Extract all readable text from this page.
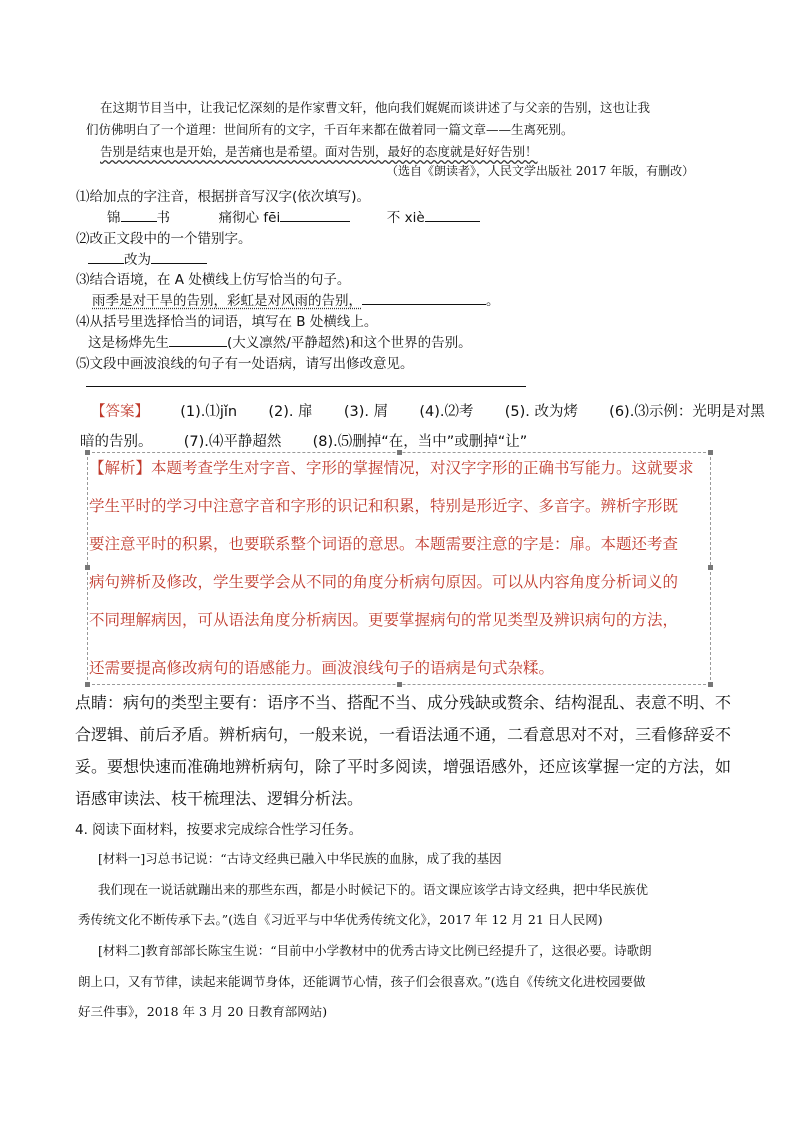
在这期节目当中，让我记忆深刻的是作家曹文轩，他向我们娓娓而谈讲述了与父亲的告别，这也让我
们仿佛明白了一个道理：世间所有的文字，千百年来都在做着同一篇文章——生离死别。
告别是结束也是开始，是苦痛也是希望。面对告别，最好的态度就是好好告别！
（选自《朗读者》，人民文学出版社 2017 年版，有删改）
⑴给加点的字注音，根据拼音写汉字(依次填写)。
锦	书	痛彻心 fēi	不 xiè
⑵改正文段中的一个错别字。
改为
⑶结合语境，在 A 处横线上仿写恰当的句子。
雨季是对干旱的告别，彩虹是对风雨的告别，	。
⑷从括号里选择恰当的词语，填写在 B 处横线上。
这是杨烨先生	(大义凛然/平静超然)和这个世界的告别。
⑸文段中画波浪线的句子有一处语病，请写出修改意见。
【答案】 (1).⑴jǐn (2). 扉 (3). 屑 (4).⑵考 (5). 改为烤 (6).⑶示例：光明是对黑
暗的告别。 (7).⑷平静超然 (8).⑸删掉“在，当中”或删掉“让”
【解析】本题考查学生对字音、字形的掌握情况，对汉字字形的正确书写能力。这就要求
学生平时的学习中注意字音和字形的识记和积累，特别是形近字、多音字。辨析字形既
要注意平时的积累，也要联系整个词语的意思。本题需要注意的字是：扉。本题还考查
病句辨析及修改，学生要学会从不同的角度分析病句原因。可以从内容角度分析词义的
不同理解病因，可从语法角度分析病因。更要掌握病句的常见类型及辨识病句的方法，
还需要提高修改病句的语感能力。画波浪线句子的语病是句式杂糅。
点睛：病句的类型主要有：语序不当、搭配不当、成分残缺或赘余、结构混乱、表意不明、不
合逻辑、前后矛盾。辨析病句，一般来说，一看语法通不通，二看意思对不对，三看修辞妥不
妥。要想快速而准确地辨析病句，除了平时多阅读，增强语感外，还应该掌握一定的方法，如
语感审读法、枝干梳理法、逻辑分析法。
4. 阅读下面材料，按要求完成综合性学习任务。
[材料一]习总书记说：“古诗文经典已融入中华民族的血脉，成了我的基因
我们现在一说话就蹦出来的那些东西，都是小时候记下的。语文课应该学古诗文经典，把中华民族优
秀传统文化不断传承下去。”(选自《习近平与中华优秀传统文化》，2017 年 12 月 21 日人民网)
[材料二]教育部部长陈宝生说：“目前中小学教材中的优秀古诗文比例已经提升了，这很必要。诗歌朗
朗上口，又有节律，读起来能调节身体，还能调节心情，孩子们会很喜欢。”(选自《传统文化进校园要做
好三件事》，2018 年 3 月 20 日教育部网站)
